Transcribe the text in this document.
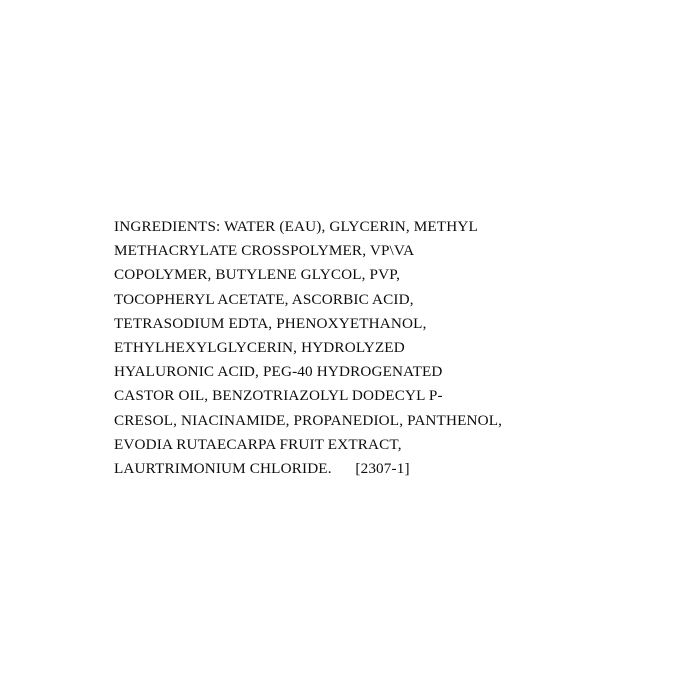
INGREDIENTS: WATER (EAU), GLYCERIN, METHYL
METHACRYLATE CROSSPOLYMER, VP\VA
COPOLYMER, BUTYLENE GLYCOL, PVP,
TOCOPHERYL ACETATE, ASCORBIC ACID,
TETRASODIUM EDTA, PHENOXYETHANOL,
ETHYLHEXYLGLYCERIN, HYDROLYZED
HYALURONIC ACID, PEG-40 HYDROGENATED
CASTOR OIL, BENZOTRIAZOLYL DODECYL P-
CRESOL, NIACINAMIDE, PROPANEDIOL, PANTHENOL,
EVODIA RUTAECARPA FRUIT EXTRACT,
LAURTRIMONIUM CHLORIDE.      [2307-1]
